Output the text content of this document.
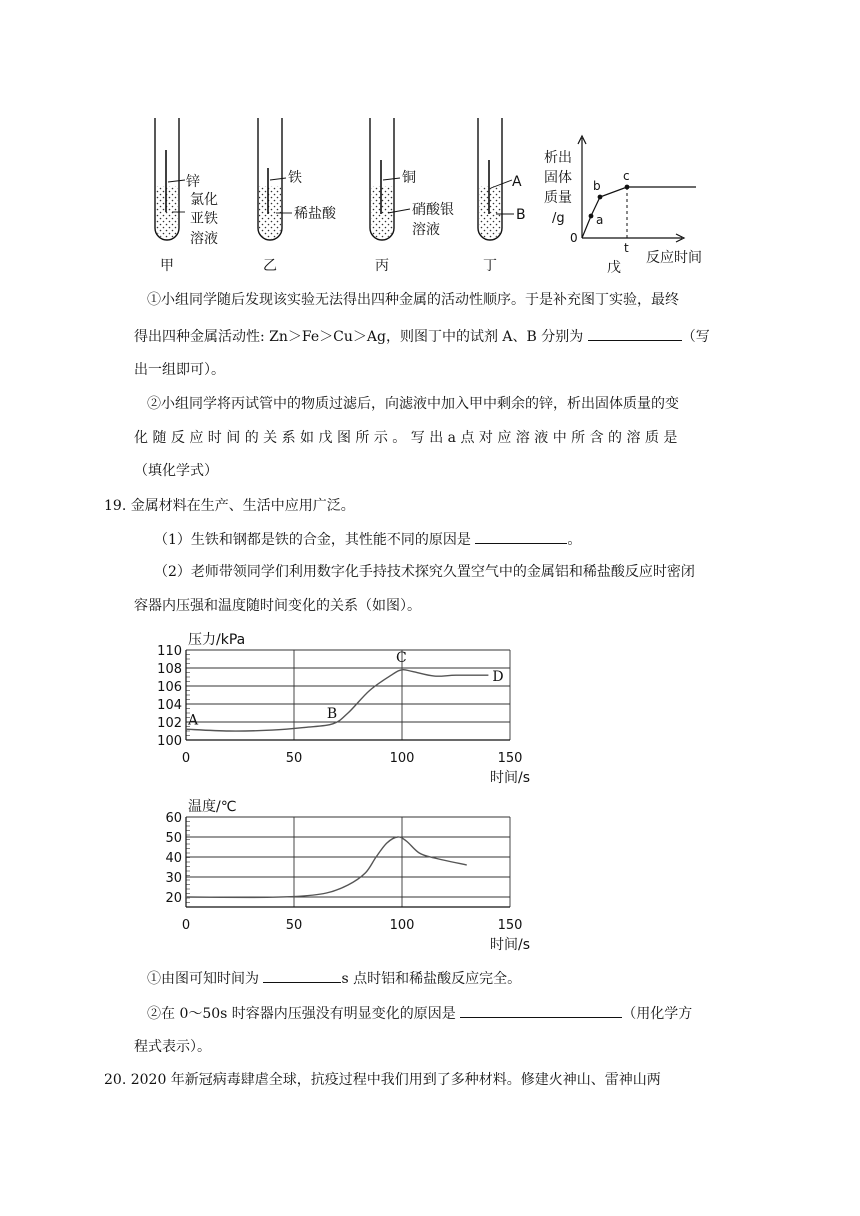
锌
氯化
亚铁
溶液
甲
铁
稀盐酸
乙
铜
硝酸银
溶液
丙
A
B
丁
a
b
c
析出
固体
质量
/g
0
t
反应时间
戊
①小组同学随后发现该实验无法得出四种金属的活动性顺序。于是补充图丁实验，最终
得出四种金属活动性: Zn＞Fe＞Cu＞Ag，则图丁中的试剂 A、B 分别为	（写
出一组即可）。
②小组同学将丙试管中的物质过滤后，向滤液中加入甲中剩余的锌，析出固体质量的变
化 随 反 应 时 间 的 关 系 如 戊 图 所 示 。 写 出 a 点 对 应 溶 液 中 所 含 的 溶 质 是
（填化学式）
19. 金属材料在生产、生活中应用广泛。
（1）生铁和钢都是铁的合金，其性能不同的原因是	。
（2）老师带领同学们利用数字化手持技术探究久置空气中的金属铝和稀盐酸反应时密闭
容器内压强和温度随时间变化的关系（如图）。
压力/kPa
100
102
104
106
108
110
0	50	100	150
时间/s
A	B
C
D
温度/℃
20
30
40
50
60
0	50	100	150
时间/s
①由图可知时间为	s 点时铝和稀盐酸反应完全。
②在 0～50s 时容器内压强没有明显变化的原因是	（用化学方
程式表示）。
20. 2020 年新冠病毒肆虐全球，抗疫过程中我们用到了多种材料。修建火神山、雷神山两
